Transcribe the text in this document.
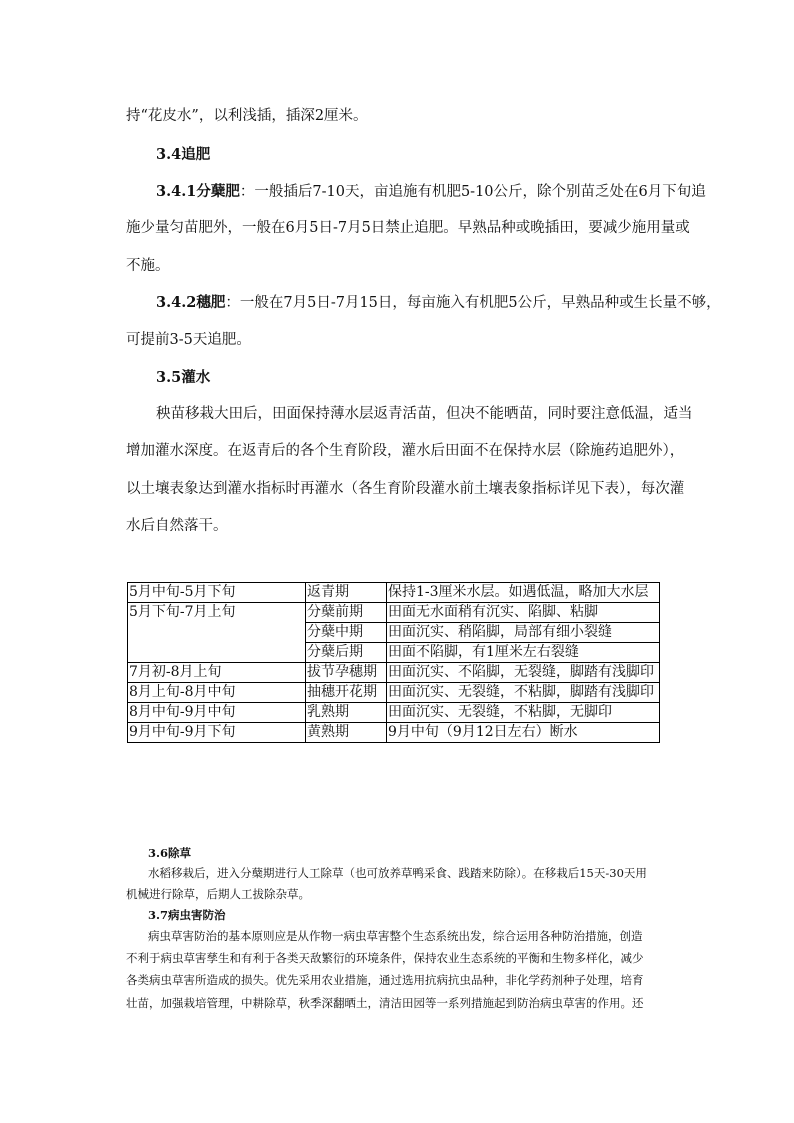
持“花皮水”，以利浅插，插深2厘米。
3.4追肥
3.4.1分蘖肥：一般插后7-10天，亩追施有机肥5-10公斤，除个别苗乏处在6月下旬追
施少量匀苗肥外，一般在6月5日-7月5日禁止追肥。早熟品种或晚插田，要减少施用量或
不施。
3.4.2穗肥：一般在7月5日-7月15日，每亩施入有机肥5公斤，早熟品种或生长量不够，
可提前3-5天追肥。
3.5灌水
秧苗移栽大田后，田面保持薄水层返青活苗，但决不能晒苗，同时要注意低温，适当
增加灌水深度。在返青后的各个生育阶段，灌水后田面不在保持水层（除施药追肥外），
以土壤表象达到灌水指标时再灌水（各生育阶段灌水前土壤表象指标详见下表），每次灌
水后自然落干。
5月中旬-5月下旬	返青期	保持1-3厘米水层。如遇低温，略加大水层
5月下旬-7月上旬	分蘖前期	田面无水面稍有沉实、陷脚、粘脚
	分蘖中期	田面沉实、稍陷脚，局部有细小裂缝
	分蘖后期	田面不陷脚，有1厘米左右裂缝
7月初-8月上旬	拔节孕穗期	田面沉实、不陷脚，无裂缝，脚踏有浅脚印
8月上旬-8月中旬	抽穗开花期	田面沉实、无裂缝，不粘脚，脚踏有浅脚印
8月中旬-9月中旬	乳熟期	田面沉实、无裂缝，不粘脚，无脚印
9月中旬-9月下旬	黄熟期	9月中旬（9月12日左右）断水
3.6除草
水稻移栽后，进入分蘖期进行人工除草（也可放养草鸭采食、践踏来防除）。在移栽后15天-30天用
机械进行除草，后期人工拔除杂草。
3.7病虫害防治
病虫草害防治的基本原则应是从作物一病虫草害整个生态系统出发，综合运用各种防治措施，创造
不利于病虫草害孳生和有利于各类天敌繁衍的环境条件，保持农业生态系统的平衡和生物多样化，减少
各类病虫草害所造成的损失。优先采用农业措施，通过选用抗病抗虫品种，非化学药剂种子处理，培育
壮苗，加强栽培管理，中耕除草，秋季深翻晒土，清洁田园等一系列措施起到防治病虫草害的作用。还
